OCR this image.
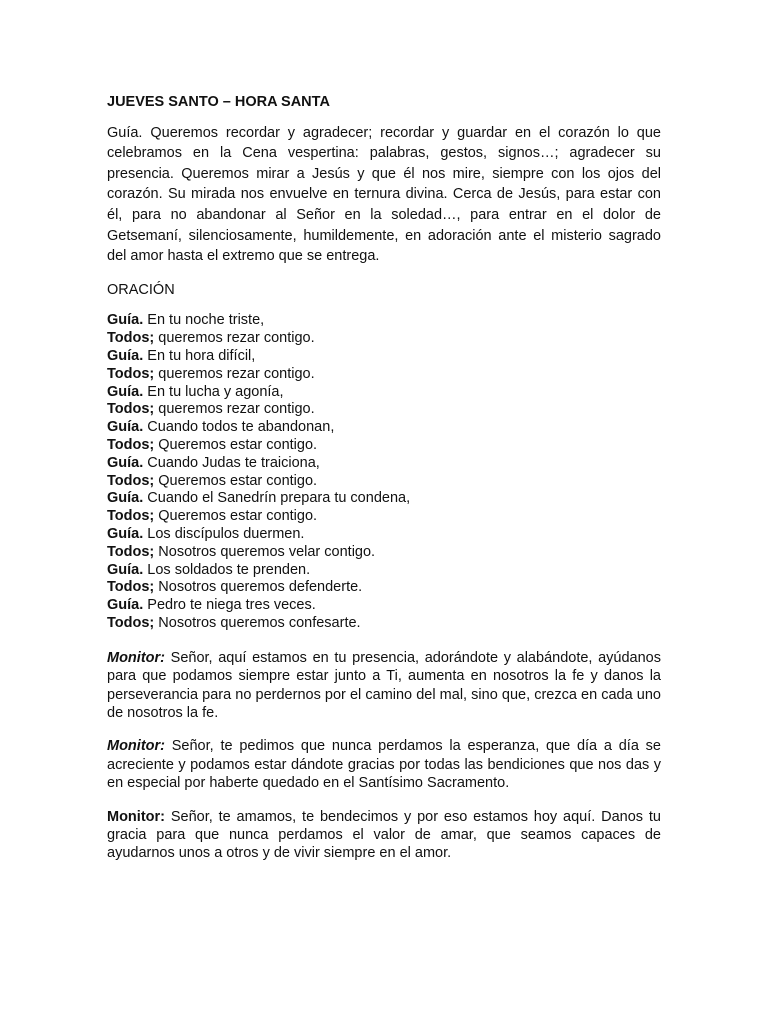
JUEVES SANTO – HORA SANTA
Guía. Queremos recordar y agradecer; recordar y guardar en el corazón lo que celebramos en la Cena vespertina: palabras, gestos, signos…; agradecer su presencia. Queremos mirar a Jesús y que él nos mire, siempre con los ojos del corazón. Su mirada nos envuelve en ternura divina. Cerca de Jesús, para estar con él, para no abandonar al Señor en la soledad…, para entrar en el dolor de Getsemaní, silenciosamente, humildemente, en adoración ante el misterio sagrado del amor hasta el extremo que se entrega.
ORACIÓN
Guía. En tu noche triste,
Todos; queremos rezar contigo.
Guía. En tu hora difícil,
Todos; queremos rezar contigo.
Guía. En tu lucha y agonía,
Todos; queremos rezar contigo.
Guía. Cuando todos te abandonan,
Todos; Queremos estar contigo.
Guía. Cuando Judas te traiciona,
Todos; Queremos estar contigo.
Guía. Cuando el Sanedrín prepara tu condena,
Todos; Queremos estar contigo.
Guía. Los discípulos duermen.
Todos; Nosotros queremos velar contigo.
Guía. Los soldados te prenden.
Todos; Nosotros queremos defenderte.
Guía. Pedro te niega tres veces.
Todos; Nosotros queremos confesarte.
Monitor: Señor, aquí estamos en tu presencia, adorándote y alabándote, ayúdanos para que podamos siempre estar junto a Ti, aumenta en nosotros la fe y danos la perseverancia para no perdernos por el camino del mal, sino que, crezca en cada uno de nosotros la fe.
Monitor: Señor, te pedimos que nunca perdamos la esperanza, que día a día se acreciente y podamos estar dándote gracias por todas las bendiciones que nos das y en especial por haberte quedado en el Santísimo Sacramento.
Monitor: Señor, te amamos, te bendecimos y por eso estamos hoy aquí. Danos tu gracia para que nunca perdamos el valor de amar, que seamos capaces de ayudarnos unos a otros y de vivir siempre en el amor.
